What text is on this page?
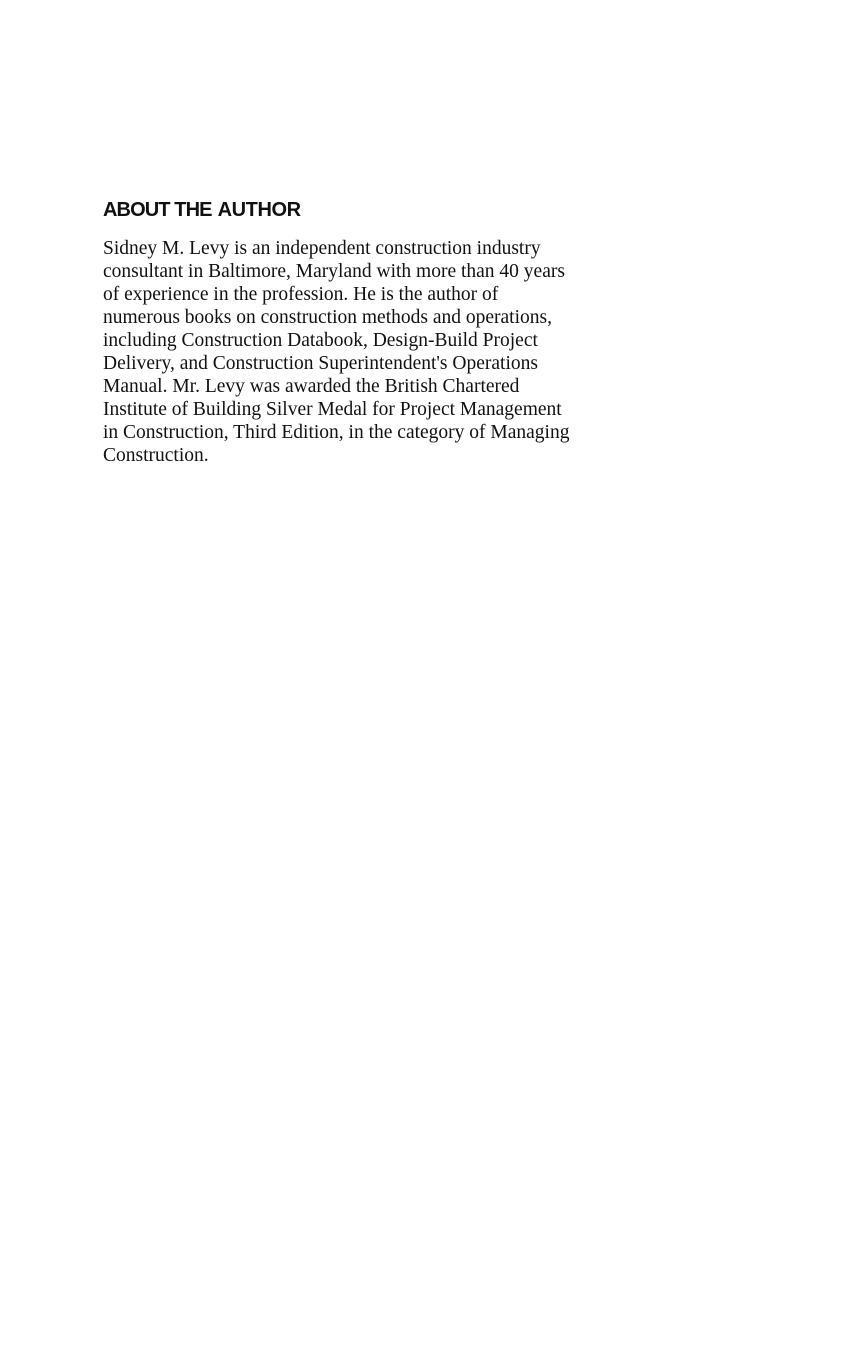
ABOUT THE AUTHOR

Sidney M. Levy is an independent construction industry
consultant in Baltimore, Maryland with more than 40 years
of experience in the profession. He is the author of
numerous books on construction methods and operations,
including Construction Databook, Design-Build Project
Delivery, and Construction Superintendent's Operations
Manual. Mr. Levy was awarded the British Chartered
Institute of Building Silver Medal for Project Management
in Construction, Third Edition, in the category of Managing
Construction.
